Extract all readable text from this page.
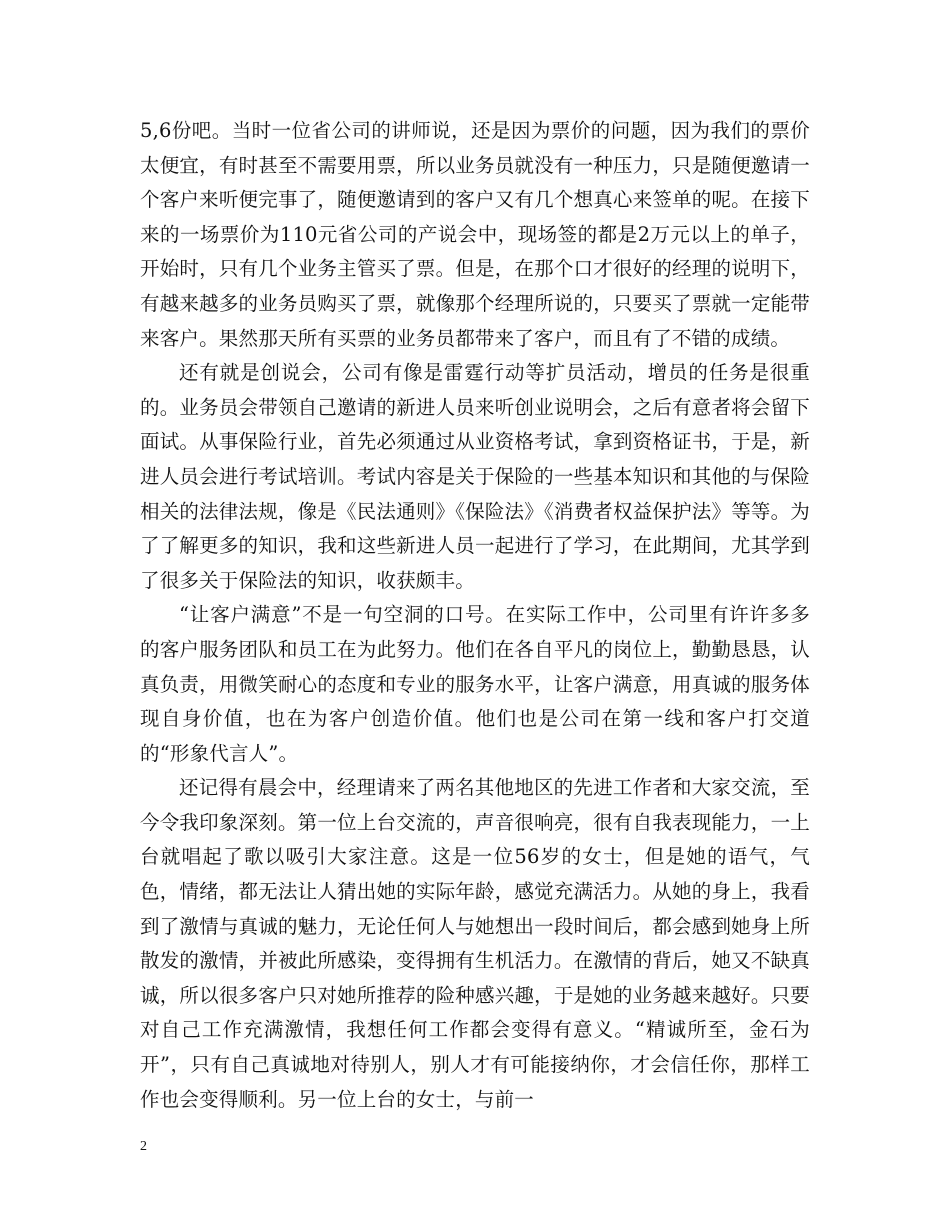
5,6份吧。当时一位省公司的讲师说，还是因为票价的问题，因为我们的票价太便宜，有时甚至不需要用票，所以业务员就没有一种压力，只是随便邀请一个客户来听便完事了，随便邀请到的客户又有几个想真心来签单的呢。在接下来的一场票价为110元省公司的产说会中，现场签的都是2万元以上的单子，开始时，只有几个业务主管买了票。但是，在那个口才很好的经理的说明下，有越来越多的业务员购买了票，就像那个经理所说的，只要买了票就一定能带来客户。果然那天所有买票的业务员都带来了客户，而且有了不错的成绩。

还有就是创说会，公司有像是雷霆行动等扩员活动，增员的任务是很重的。业务员会带领自己邀请的新进人员来听创业说明会，之后有意者将会留下面试。从事保险行业，首先必须通过从业资格考试，拿到资格证书，于是，新进人员会进行考试培训。考试内容是关于保险的一些基本知识和其他的与保险相关的法律法规，像是《民法通则》《保险法》《消费者权益保护法》等等。为了了解更多的知识，我和这些新进人员一起进行了学习，在此期间，尤其学到了很多关于保险法的知识，收获颇丰。

“让客户满意”不是一句空洞的口号。在实际工作中，公司里有许许多多的客户服务团队和员工在为此努力。他们在各自平凡的岗位上，勤勤恳恳，认真负责，用微笑耐心的态度和专业的服务水平，让客户满意，用真诚的服务体现自身价值，也在为客户创造价值。他们也是公司在第一线和客户打交道的“形象代言人”。

还记得有晨会中，经理请来了两名其他地区的先进工作者和大家交流，至今令我印象深刻。第一位上台交流的，声音很响亮，很有自我表现能力，一上台就唱起了歌以吸引大家注意。这是一位56岁的女士，但是她的语气，气色，情绪，都无法让人猜出她的实际年龄，感觉充满活力。从她的身上，我看到了激情与真诚的魅力，无论任何人与她想出一段时间后，都会感到她身上所散发的激情，并被此所感染，变得拥有生机活力。在激情的背后，她又不缺真诚，所以很多客户只对她所推荐的险种感兴趣，于是她的业务越来越好。只要对自己工作充满激情，我想任何工作都会变得有意义。“精诚所至，金石为开”，只有自己真诚地对待别人，别人才有可能接纳你，才会信任你，那样工作也会变得顺利。另一位上台的女士，与前一

2
